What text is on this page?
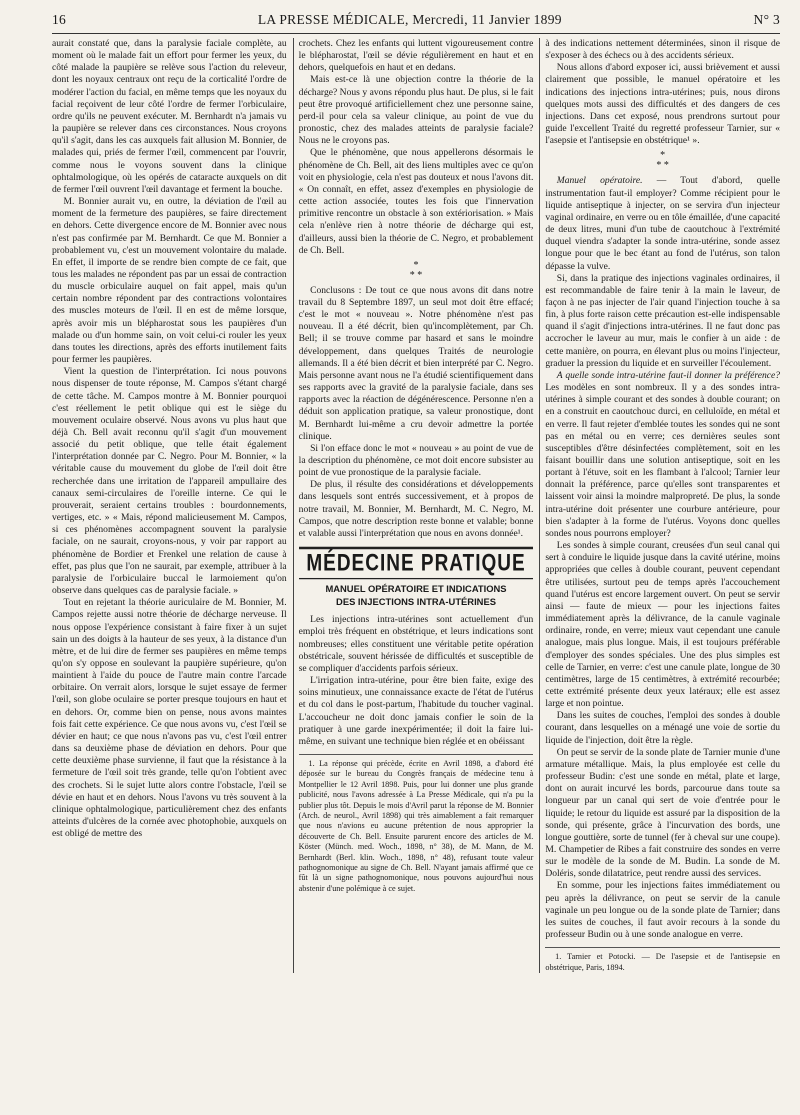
16	LA PRESSE MÉDICALE, Mercredi, 11 Janvier 1899	N° 3

aurait constaté que, dans la paralysie faciale complète, au moment où le malade fait un effort pour fermer les yeux, du côté malade la paupière se relève sous l'action du releveur, dont les noyaux centraux ont reçu de la corticalité l'ordre de modérer l'action du facial, en même temps que les noyaux du facial reçoivent de leur côté l'ordre de fermer l'orbiculaire, ordre qu'ils ne peuvent exécuter. M. Bernhardt n'a jamais vu la paupière se relever dans ces circonstances. Nous croyons qu'il s'agit, dans les cas auxquels fait allusion M. Bonnier, de malades qui, priés de fermer l'œil, commencent par l'ouvrir, comme nous le voyons souvent dans la clinique ophtalmologique, où les opérés de cataracte auxquels on dit de fermer l'œil ouvrent l'œil davantage et ferment la bouche.

M. Bonnier aurait vu, en outre, la déviation de l'œil au moment de la fermeture des paupières, se faire directement en dehors. Cette divergence encore de M. Bonnier avec nous n'est pas confirmée par M. Bernhardt. Ce que M. Bonnier a probablement vu, c'est un mouvement volontaire du malade. En effet, il importe de se rendre bien compte de ce fait, que tous les malades ne répondent pas par un essai de contraction du muscle orbiculaire auquel on fait appel, mais qu'un certain nombre répondent par des contractions volontaires des muscles moteurs de l'œil. Il en est de même lorsque, après avoir mis un blépharostat sous les paupières d'un malade ou d'un homme sain, on voit celui-ci rouler les yeux dans toutes les directions, après des efforts inutilement faits pour fermer les paupières.

Vient la question de l'interprétation. Ici nous pouvons nous dispenser de toute réponse, M. Campos s'étant chargé de cette tâche. M. Campos montre à M. Bonnier pourquoi c'est réellement le petit oblique qui est le siège du mouvement oculaire observé. Nous avons vu plus haut que déjà Ch. Bell avait reconnu qu'il s'agit d'un mouvement associé du petit oblique, que telle était également l'interprétation donnée par C. Negro. Pour M. Bonnier, « la véritable cause du mouvement du globe de l'œil doit être recherchée dans une irritation de l'appareil ampullaire des canaux semi-circulaires de l'oreille interne. Ce qui le prouverait, seraient certains troubles : bourdonnements, vertiges, etc. » « Mais, répond malicieusement M. Campos, si ces phénomènes accompagnent souvent la paralysie faciale, on ne saurait, croyons-nous, y voir par rapport au phénomène de Bordier et Frenkel une relation de cause à effet, pas plus que l'on ne saurait, par exemple, attribuer à la paralysie de l'orbiculaire buccal le larmoiement qu'on observe dans quelques cas de paralysie faciale. »

Tout en rejetant la théorie auriculaire de M. Bonnier, M. Campos rejette aussi notre théorie de décharge nerveuse. Il nous oppose l'expérience consistant à faire fixer à un sujet sain un des doigts à la hauteur de ses yeux, à la distance d'un mètre, et de lui dire de fermer ses paupières en même temps qu'on s'y oppose en soulevant la paupière supérieure, qu'on maintient à l'aide du pouce de l'autre main contre l'arcade orbitaire. On verrait alors, lorsque le sujet essaye de fermer l'œil, son globe oculaire se porter presque toujours en haut et en dehors. Or, comme bien on pense, nous avons maintes fois fait cette expérience. Ce que nous avons vu, c'est l'œil se dévier en haut; ce que nous n'avons pas vu, c'est l'œil entrer dans sa deuxième phase de déviation en dehors. Pour que cette deuxième phase survienne, il faut que la résistance à la fermeture de l'œil soit très grande, telle qu'on l'obtient avec des crochets. Si le sujet lutte alors contre l'obstacle, l'œil se dévie en haut et en dehors. Nous l'avons vu très souvent à la clinique ophtalmologique, particulièrement chez des enfants atteints d'ulcères de la cornée avec photophobie, auxquels on est obligé de mettre des

crochets. Chez les enfants qui luttent vigoureusement contre le blépharostat, l'œil se dévie régulièrement en haut et en dehors, quelquefois en haut et en dedans.

Mais est-ce là une objection contre la théorie de la décharge? Nous y avons répondu plus haut. De plus, si le fait peut être provoqué artificiellement chez une personne saine, perd-il pour cela sa valeur clinique, au point de vue du pronostic, chez des malades atteints de paralysie faciale? Nous ne le croyons pas.

Que le phénomène, que nous appellerons désormais le phénomène de Ch. Bell, ait des liens multiples avec ce qu'on voit en physiologie, cela n'est pas douteux et nous l'avons dit. « On connaît, en effet, assez d'exemples en physiologie de cette action associée, toutes les fois que l'innervation primitive rencontre un obstacle à son extériorisation. » Mais cela n'enlève rien à notre théorie de décharge qui est, d'ailleurs, aussi bien la théorie de C. Negro, et probablement de Ch. Bell.

*
* *

Conclusons : De tout ce que nous avons dit dans notre travail du 8 Septembre 1897, un seul mot doit être effacé; c'est le mot « nouveau ». Notre phénomène n'est pas nouveau. Il a été décrit, bien qu'incomplètement, par Ch. Bell; il se trouve comme par hasard et sans le moindre développement, dans quelques Traités de neurologie allemands. Il a été bien décrit et bien interprété par C. Negro. Mais personne avant nous ne l'a étudié scientifiquement dans ses rapports avec la gravité de la paralysie faciale, dans ses rapports avec la réaction de dégénérescence. Personne n'en a déduit son application pratique, sa valeur pronostique, dont M. Bernhardt lui-même a cru devoir admettre la portée clinique.

Si l'on efface donc le mot « nouveau » au point de vue de la description du phénomène, ce mot doit encore subsister au point de vue pronostique de la paralysie faciale.

De plus, il résulte des considérations et développements dans lesquels sont entrés successivement, et à propos de notre travail, M. Bonnier, M. Bernhardt, M. C. Negro, M. Campos, que notre description reste bonne et valable; bonne et valable aussi l'interprétation que nous en avons donnée¹.

MÉDECINE PRATIQUE
MANUEL OPÉRATOIRE ET INDICATIONS
DES INJECTIONS INTRA-UTÉRINES

Les injections intra-utérines sont actuellement d'un emploi très fréquent en obstétrique, et leurs indications sont nombreuses; elles constituent une véritable petite opération obstétricale, souvent hérissée de difficultés et susceptible de se compliquer d'accidents parfois sérieux.

L'irrigation intra-utérine, pour être bien faite, exige des soins minutieux, une connaissance exacte de l'état de l'utérus et du col dans le post-partum, l'habitude du toucher vaginal. L'accoucheur ne doit donc jamais confier le soin de la pratiquer à une garde inexpérimentée; il doit la faire lui-même, en suivant une technique bien réglée et en obéissant

1. La réponse qui précède, écrite en Avril 1898, a d'abord été déposée sur le bureau du Congrès français de médecine tenu à Montpellier le 12 Avril 1898. Puis, pour lui donner une plus grande publicité, nous l'avons adressée à La Presse Médicale, qui n'a pu la publier plus tôt. Depuis le mois d'Avril parut la réponse de M. Bonnier (Arch. de neurol., Avril 1898) qui très aimablement a fait remarquer que nous n'avions eu aucune prétention de nous approprier la découverte de Ch. Bell. Ensuite parurent encore des articles de M. Köster (Münch. med. Woch., 1898, n° 38), de M. Mann, de M. Bernhardt (Berl. klin. Woch., 1898, n° 48), refusant toute valeur pathognomonique au signe de Ch. Bell. N'ayant jamais affirmé que ce fût là un signe pathognomonique, nous pouvons aujourd'hui nous abstenir d'une polémique à ce sujet.

à des indications nettement déterminées, sinon il risque de s'exposer à des échecs ou à des accidents sérieux.

Nous allons d'abord exposer ici, aussi brièvement et aussi clairement que possible, le manuel opératoire et les indications des injections intra-utérines; puis, nous dirons quelques mots aussi des difficultés et des dangers de ces injections. Dans cet exposé, nous prendrons surtout pour guide l'excellent Traité du regretté professeur Tarnier, sur « l'asepsie et l'antisepsie en obstétrique¹ ».

*
* *

Manuel opératoire. — Tout d'abord, quelle instrumentation faut-il employer? Comme récipient pour le liquide antiseptique à injecter, on se servira d'un injecteur vaginal ordinaire, en verre ou en tôle émaillée, d'une capacité de deux litres, muni d'un tube de caoutchouc à l'extrémité duquel viendra s'adapter la sonde intra-utérine, sonde assez longue pour que le bec étant au fond de l'utérus, son talon dépasse la vulve.

Si, dans la pratique des injections vaginales ordinaires, il est recommandable de faire tenir à la main le laveur, de façon à ne pas injecter de l'air quand l'injection touche à sa fin, à plus forte raison cette précaution est-elle indispensable quand il s'agit d'injections intra-utérines. Il ne faut donc pas accrocher le laveur au mur, mais le confier à un aide : de cette manière, on pourra, en élevant plus ou moins l'injecteur, graduer la pression du liquide et en surveiller l'écoulement.

A quelle sonde intra-utérine faut-il donner la préférence? Les modèles en sont nombreux. Il y a des sondes intra-utérines à simple courant et des sondes à double courant; on en a construit en caoutchouc durci, en celluloïde, en métal et en verre. Il faut rejeter d'emblée toutes les sondes qui ne sont pas en métal ou en verre; ces dernières seules sont susceptibles d'être désinfectées complètement, soit en les faisant bouillir dans une solution antiseptique, soit en les portant à l'étuve, soit en les flambant à l'alcool; Tarnier leur donnait la préférence, parce qu'elles sont transparentes et laissent voir ainsi la moindre malpropreté. De plus, la sonde intra-utérine doit présenter une courbure antérieure, pour bien s'adapter à la forme de l'utérus. Voyons donc quelles sondes nous pourrons employer?

Les sondes à simple courant, creusées d'un seul canal qui sert à conduire le liquide jusque dans la cavité utérine, moins appropriées que celles à double courant, peuvent cependant être utilisées, surtout peu de temps après l'accouchement quand l'utérus est encore largement ouvert. On peut se servir ainsi — faute de mieux — pour les injections faites immédiatement après la délivrance, de la canule vaginale ordinaire, ronde, en verre; mieux vaut cependant une canule analogue, mais plus longue. Mais, il est toujours préférable d'employer des sondes spéciales. Une des plus simples est celle de Tarnier, en verre: c'est une canule plate, longue de 30 centimètres, large de 15 centimètres, à extrémité recourbée; cette extrémité présente deux yeux latéraux; elle est assez large et non pointue.

Dans les suites de couches, l'emploi des sondes à double courant, dans lesquelles on a ménagé une voie de sortie du liquide de l'injection, doit être la règle.

On peut se servir de la sonde plate de Tarnier munie d'une armature métallique. Mais, la plus employée est celle du professeur Budin: c'est une sonde en métal, plate et large, dont on aurait incurvé les bords, parcourue dans toute sa longueur par un canal qui sert de voie d'entrée pour le liquide; le retour du liquide est assuré par la disposition de la sonde, qui présente, grâce à l'incurvation des bords, une longue gouttière, sorte de tunnel (fer à cheval sur une coupe). M. Champetier de Ribes a fait construire des sondes en verre sur le modèle de la sonde de M. Budin. La sonde de M. Doléris, sonde dilatatrice, peut rendre aussi des services.

En somme, pour les injections faites immédiatement ou peu après la délivrance, on peut se servir de la canule vaginale un peu longue ou de la sonde plate de Tarnier; dans les suites de couches, il faut avoir recours à la sonde du professeur Budin ou à une sonde analogue en verre.

1. Tarnier et Potocki. — De l'asepsie et de l'antisepsie en obstétrique, Paris, 1894.
